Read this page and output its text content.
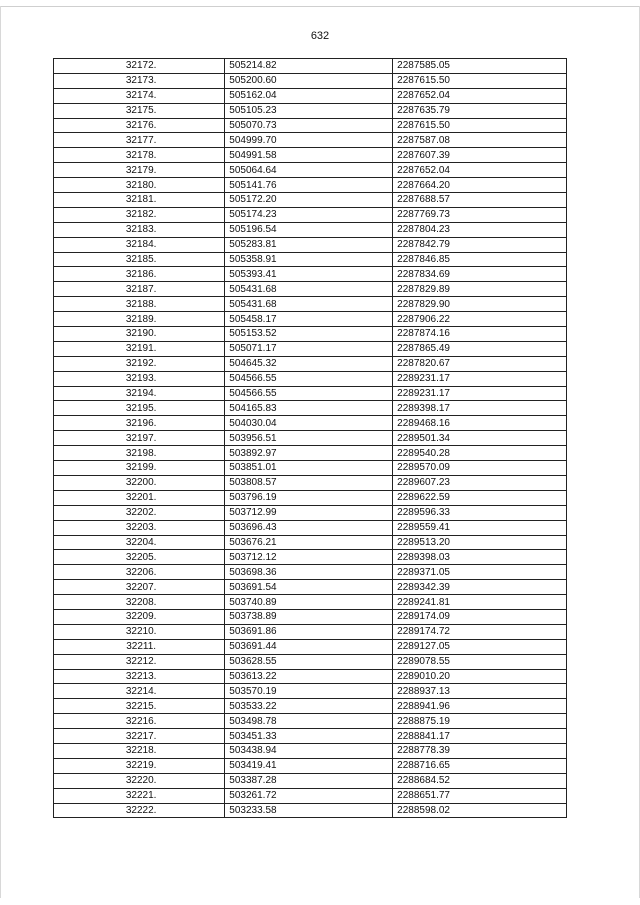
632
32172.	505214.82	2287585.05
32173.	505200.60	2287615.50
32174.	505162.04	2287652.04
32175.	505105.23	2287635.79
32176.	505070.73	2287615.50
32177.	504999.70	2287587.08
32178.	504991.58	2287607.39
32179.	505064.64	2287652.04
32180.	505141.76	2287664.20
32181.	505172.20	2287688.57
32182.	505174.23	2287769.73
32183.	505196.54	2287804.23
32184.	505283.81	2287842.79
32185.	505358.91	2287846.85
32186.	505393.41	2287834.69
32187.	505431.68	2287829.89
32188.	505431.68	2287829.90
32189.	505458.17	2287906.22
32190.	505153.52	2287874.16
32191.	505071.17	2287865.49
32192.	504645.32	2287820.67
32193.	504566.55	2289231.17
32194.	504566.55	2289231.17
32195.	504165.83	2289398.17
32196.	504030.04	2289468.16
32197.	503956.51	2289501.34
32198.	503892.97	2289540.28
32199.	503851.01	2289570.09
32200.	503808.57	2289607.23
32201.	503796.19	2289622.59
32202.	503712.99	2289596.33
32203.	503696.43	2289559.41
32204.	503676.21	2289513.20
32205.	503712.12	2289398.03
32206.	503698.36	2289371.05
32207.	503691.54	2289342.39
32208.	503740.89	2289241.81
32209.	503738.89	2289174.09
32210.	503691.86	2289174.72
32211.	503691.44	2289127.05
32212.	503628.55	2289078.55
32213.	503613.22	2289010.20
32214.	503570.19	2288937.13
32215.	503533.22	2288941.96
32216.	503498.78	2288875.19
32217.	503451.33	2288841.17
32218.	503438.94	2288778.39
32219.	503419.41	2288716.65
32220.	503387.28	2288684.52
32221.	503261.72	2288651.77
32222.	503233.58	2288598.02
